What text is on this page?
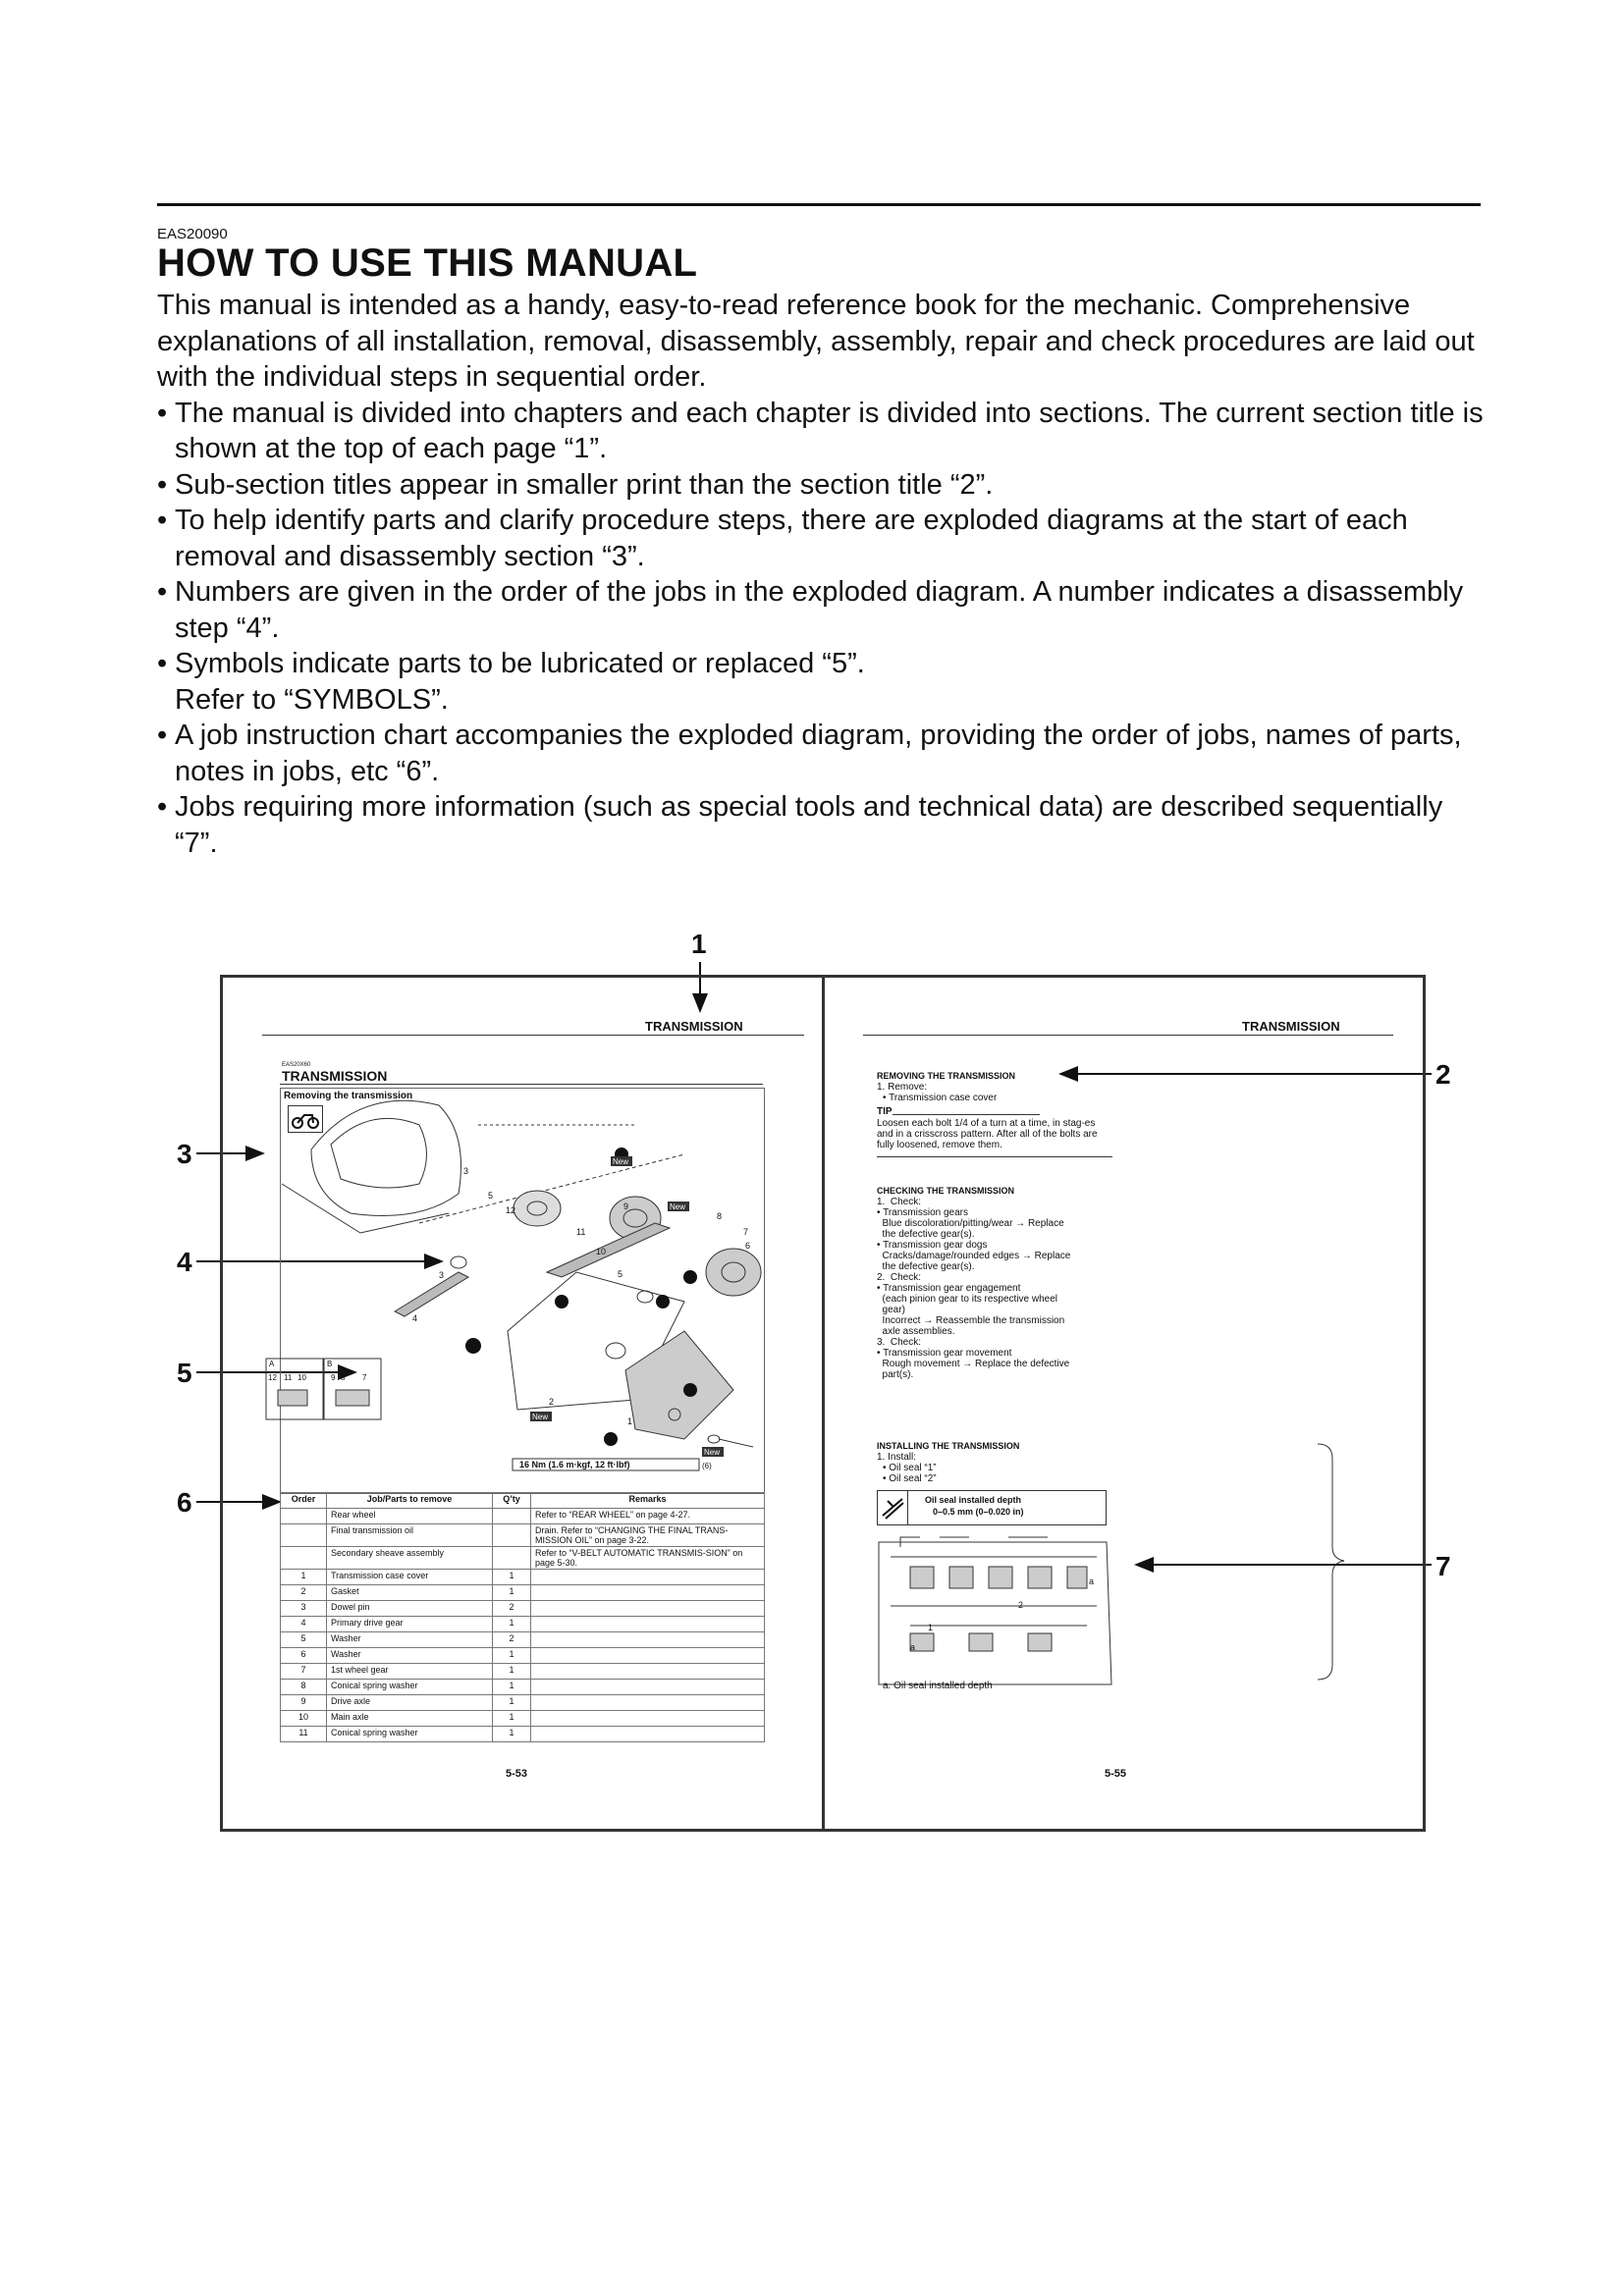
EAS20090
HOW TO USE THIS MANUAL

This manual is intended as a handy, easy-to-read reference book for the mechanic. Comprehensive explanations of all installation, removal, disassembly, assembly, repair and check procedures are laid out with the individual steps in sequential order.

• The manual is divided into chapters and each chapter is divided into sections. The current section title is shown at the top of each page “1”.

• Sub-section titles appear in smaller print than the section title “2”.

• To help identify parts and clarify procedure steps, there are exploded diagrams at the start of each removal and disassembly section “3”.

• Numbers are given in the order of the jobs in the exploded diagram. A number indicates a disassembly step “4”.

• Symbols indicate parts to be lubricated or replaced “5”.

Refer to “SYMBOLS”.

• A job instruction chart accompanies the exploded diagram, providing the order of jobs, names of parts, notes in jobs, etc “6”.

• Jobs requiring more information (such as special tools and technical data) are described sequentially “7”.

1
2
3
4
5
6
7
TRANSMISSION
EAS20X60
TRANSMISSION
Removing the transmission
3
5
12
11
10
9
8
7
6
5
3
4
1
2
New
New
New
New
A	B
12 11 10	9 8 7
(6)
16 Nm (1.6 m·kgf, 12 ft·lbf)
Order	Job/Parts to remove	Q’ty	Remarks
	Rear wheel		Refer to “REAR WHEEL” on page 4-27.
	Final transmission oil		Drain. Refer to “CHANGING THE FINAL TRANS-MISSION OIL” on page 3-22.
	Secondary sheave assembly		Refer to “V-BELT AUTOMATIC TRANSMIS-SION” on page 5-30.
1	Transmission case cover	1	
2	Gasket	1	
3	Dowel pin	2	
4	Primary drive gear	1	
5	Washer	2	
6	Washer	1	
7	1st wheel gear	1	
8	Conical spring washer	1	
9	Drive axle	1	
10	Main axle	1	
11	Conical spring washer	1	
5-53
TRANSMISSION
REMOVING THE TRANSMISSION
1. Remove:
• Transmission case cover
TIP
Loosen each bolt 1/4 of a turn at a time, in stag-es and in a crisscross pattern. After all of the bolts are fully loosened, remove them.
CHECKING THE TRANSMISSION
1.  Check:
• Transmission gears
Blue discoloration/pitting/wear → Replace
the defective gear(s).
• Transmission gear dogs
Cracks/damage/rounded edges → Replace
the defective gear(s).
2.  Check:
• Transmission gear engagement
(each pinion gear to its respective wheel
gear)
Incorrect → Reassemble the transmission
axle assemblies.
3.  Check:
• Transmission gear movement
Rough movement → Replace the defective
part(s).
INSTALLING THE TRANSMISSION
1. Install:
• Oil seal “1”
• Oil seal “2”
Oil seal installed depth
0–0.5 mm (0–0.020 in)
2
a
1
a
a. Oil seal installed depth
5-55
